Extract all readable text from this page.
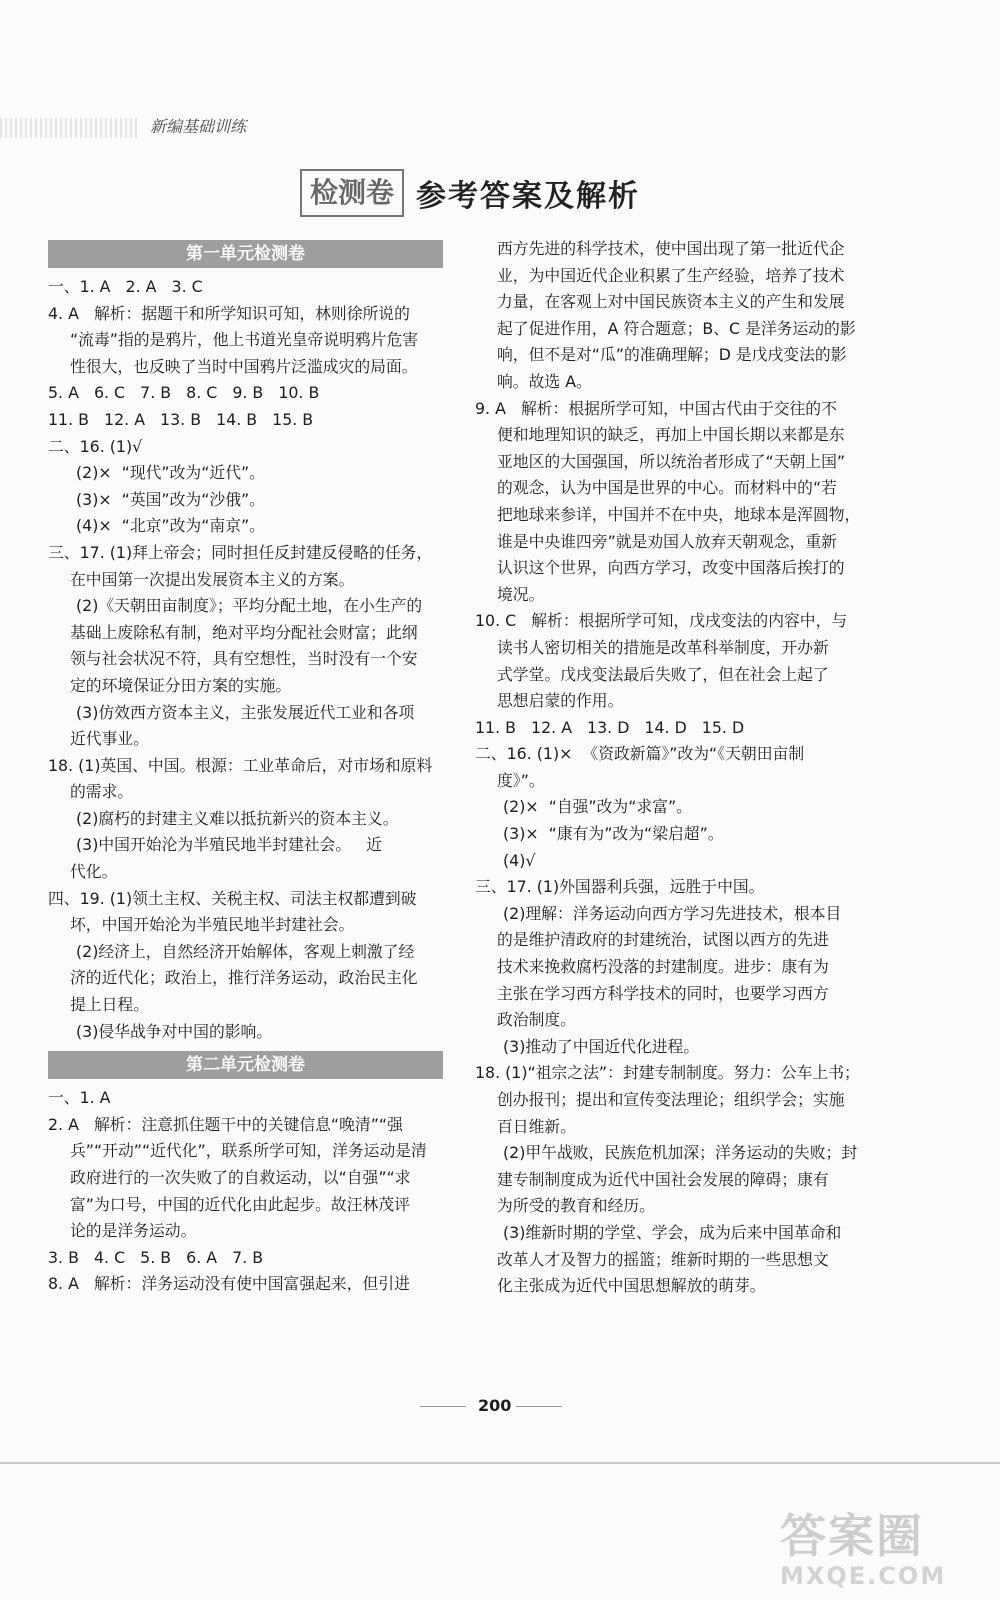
新编基础训练
检测卷 参考答案及解析
第一单元检测卷
一、1. A   2. A   3. C
4. A   解析：据题干和所学知识可知，林则徐所说的
“流毒”指的是鸦片，他上书道光皇帝说明鸦片危害
性很大，也反映了当时中国鸦片泛滥成灾的局面。
5. A   6. C   7. B   8. C   9. B   10. B
11. B   12. A   13. B   14. B   15. B
二、16. (1)√
(2)×  “现代”改为“近代”。
(3)×  “英国”改为“沙俄”。
(4)×  “北京”改为“南京”。
三、17. (1)拜上帝会；同时担任反封建反侵略的任务，
在中国第一次提出发展资本主义的方案。
(2)《天朝田亩制度》；平均分配土地，在小生产的
基础上废除私有制，绝对平均分配社会财富；此纲
领与社会状况不符，具有空想性，当时没有一个安
定的环境保证分田方案的实施。
(3)仿效西方资本主义，主张发展近代工业和各项
近代事业。
18. (1)英国、中国。根源：工业革命后，对市场和原料
的需求。
(2)腐朽的封建主义难以抵抗新兴的资本主义。
(3)中国开始沦为半殖民地半封建社会。   近
代化。
四、19. (1)领土主权、关税主权、司法主权都遭到破
坏，中国开始沦为半殖民地半封建社会。
(2)经济上，自然经济开始解体，客观上刺激了经
济的近代化；政治上，推行洋务运动，政治民主化
提上日程。
(3)侵华战争对中国的影响。
第二单元检测卷
一、1. A
2. A   解析：注意抓住题干中的关键信息“晚清”“强
兵”“开动”“近代化”，联系所学可知，洋务运动是清
政府进行的一次失败了的自救运动，以“自强”“求
富”为口号，中国的近代化由此起步。故汪林茂评
论的是洋务运动。
3. B   4. C   5. B   6. A   7. B
8. A   解析：洋务运动没有使中国富强起来，但引进
西方先进的科学技术，使中国出现了第一批近代企
业，为中国近代企业积累了生产经验，培养了技术
力量，在客观上对中国民族资本主义的产生和发展
起了促进作用，A 符合题意；B、C 是洋务运动的影
响，但不是对“瓜”的准确理解；D 是戊戌变法的影
响。故选 A。
9. A   解析：根据所学可知，中国古代由于交往的不
便和地理知识的缺乏，再加上中国长期以来都是东
亚地区的大国强国，所以统治者形成了“天朝上国”
的观念，认为中国是世界的中心。而材料中的“若
把地球来参详，中国并不在中央，地球本是浑圆物，
谁是中央谁四旁”就是劝国人放弃天朝观念，重新
认识这个世界，向西方学习，改变中国落后挨打的
境况。
10. C   解析：根据所学可知，戊戌变法的内容中，与
读书人密切相关的措施是改革科举制度，开办新
式学堂。戊戌变法最后失败了，但在社会上起了
思想启蒙的作用。
11. B   12. A   13. D   14. D   15. D
二、16. (1)×  《资政新篇》”改为“《天朝田亩制
度》”。
(2)×  “自强”改为“求富”。
(3)×  “康有为”改为“梁启超”。
(4)√
三、17. (1)外国器利兵强，远胜于中国。
(2)理解：洋务运动向西方学习先进技术，根本目
的是维护清政府的封建统治，试图以西方的先进
技术来挽救腐朽没落的封建制度。进步：康有为
主张在学习西方科学技术的同时，也要学习西方
政治制度。
(3)推动了中国近代化进程。
18. (1)“祖宗之法”：封建专制制度。努力：公车上书；
创办报刊；提出和宣传变法理论；组织学会；实施
百日维新。
(2)甲午战败，民族危机加深；洋务运动的失败；封
建专制制度成为近代中国社会发展的障碍；康有
为所受的教育和经历。
(3)维新时期的学堂、学会，成为后来中国革命和
改革人才及智力的摇篮；维新时期的一些思想文
化主张成为近代中国思想解放的萌芽。
200
答案圈
MXQE.COM
